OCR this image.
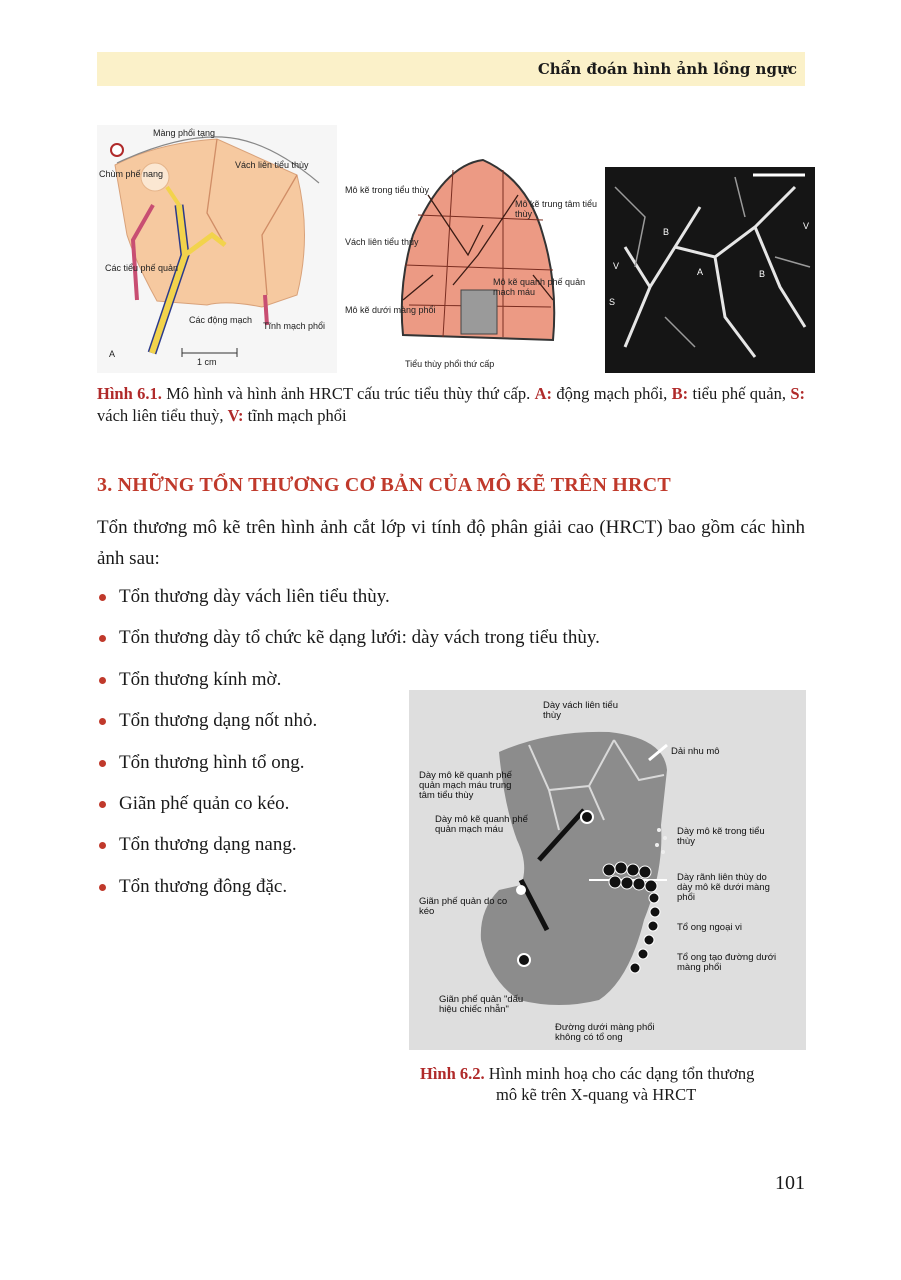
Chẩn đoán hình ảnh lồng ngực
Màng phổi tạng
Chùm phế nang
Vách liên tiểu thùy
Các tiểu phế quản
Các động mạch
Tĩnh mạch phổi
1 cm
A
Mô kẽ trong tiểu thùy
Mô kẽ trung tâm tiểu thùy
Vách liên tiểu thùy
Mô kẽ quanh phế quản mạch máu
Mô kẽ dưới màng phổi
Tiểu thùy phổi thứ cấp
A
B
B
V
V
S
Hình 6.1. Mô hình và hình ảnh HRCT cấu trúc tiểu thùy thứ cấp. A: động mạch phổi, B: tiểu phế quản, S: vách liên tiểu thuỳ, V: tĩnh mạch phổi
3. NHỮNG TỔN THƯƠNG CƠ BẢN CỦA MÔ KẼ TRÊN HRCT
Tổn thương mô kẽ trên hình ảnh cắt lớp vi tính độ phân giải cao (HRCT) bao gồm các hình ảnh sau:
Tổn thương dày vách liên tiểu thùy.
Tổn thương dày tổ chức kẽ dạng lưới: dày vách trong tiểu thùy.
Tổn thương kính mờ.
Tổn thương dạng nốt nhỏ.
Tổn thương hình tổ ong.
Giãn phế quản co kéo.
Tổn thương dạng nang.
Tổn thương đông đặc.
Dày vách liên tiểu thùy
Dải nhu mô
Dày mô kẽ quanh phế quản mạch máu trung tâm tiểu thùy
Dày mô kẽ quanh phế quản mạch máu	Dày mô kẽ trong tiểu thùy
Dày rãnh liên thùy do dày mô kẽ dưới màng phổi
Giãn phế quản do co kéo
Tổ ong ngoại vi
Tổ ong tạo đường dưới màng phổi
Giãn phế quản "dấu hiệu chiếc nhẫn"
Đường dưới màng phổi không có tổ ong
Hình 6.2. Hình minh hoạ cho các dạng tổn thương
mô kẽ trên X-quang và HRCT
101
